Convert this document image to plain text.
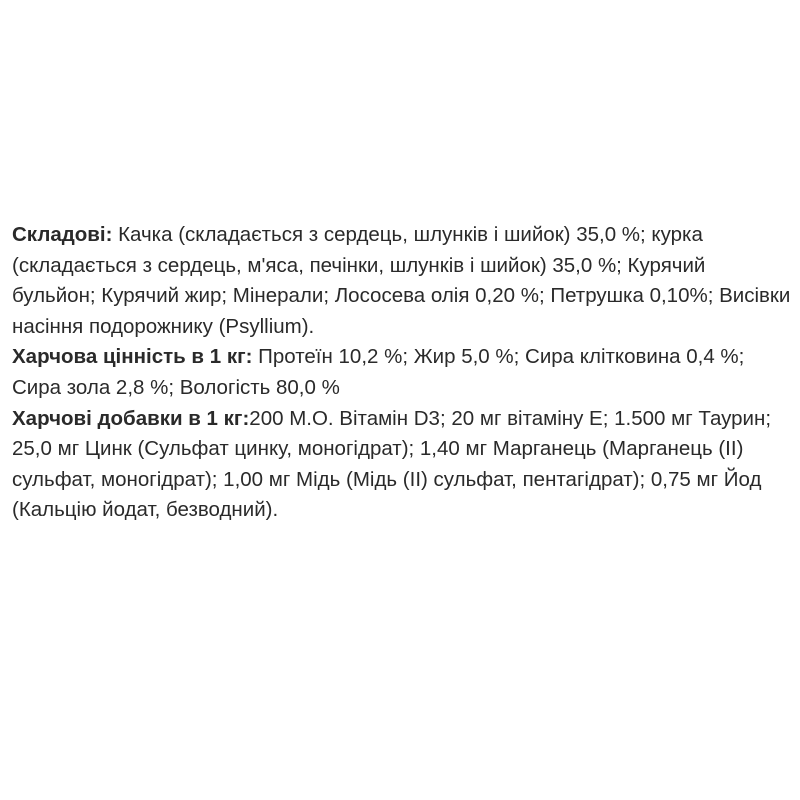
Складові: Качка (складається з сердець, шлунків і шийок) 35,0 %; курка (складається з сердець, м'яса, печінки, шлунків і шийок) 35,0 %; Курячий бульйон; Курячий жир; Мінерали; Лососева олія 0,20 %; Петрушка 0,10%; Висівки насіння подорожнику (Psyllium).
Харчова цінність в 1 кг: Протеїн 10,2 %; Жир 5,0 %; Сира клітковина 0,4 %; Сира зола 2,8 %; Вологість 80,0 %
Харчові добавки в 1 кг:200 М.О. Вітамін D3; 20 мг вітаміну Е; 1.500 мг Таурин; 25,0 мг Цинк (Сульфат цинку, моногідрат); 1,40 мг Марганець (Марганець (II) сульфат, моногідрат); 1,00 мг Мідь (Мідь (II) сульфат, пентагідрат); 0,75 мг Йод (Кальцію йодат, безводний).
